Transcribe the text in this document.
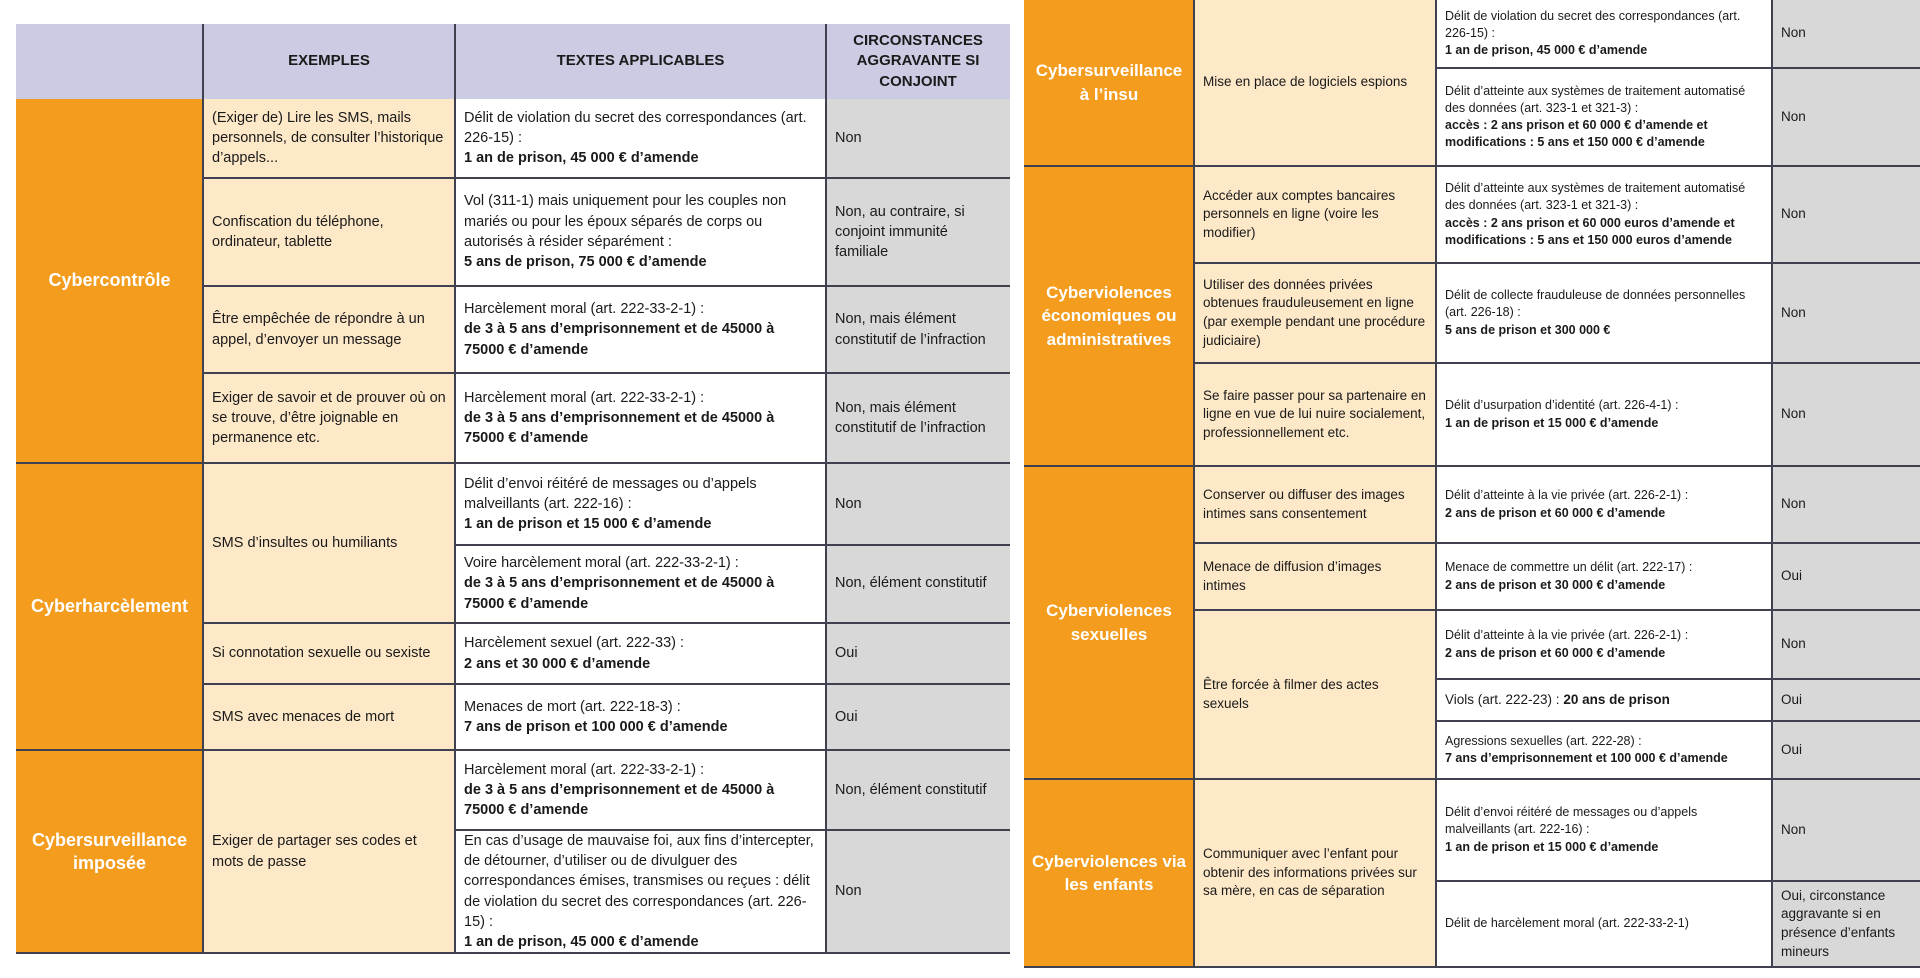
EXEMPLES	TEXTES APPLICABLES
CIRCONSTANCES AGGRAVANTE SI CONJOINT
Cybercontrôle
(Exiger de) Lire les SMS, mails personnels, de consulter l’historique d’appels...
Délit de violation du secret des correspondances (art. 226-15) :
1 an de prison, 45 000 € d’amende
Non
Confiscation du téléphone, ordinateur, tablette
Vol (311-1) mais uniquement pour les couples non mariés ou pour les époux séparés de corps ou autorisés à résider séparément :
5 ans de prison, 75 000 € d’amende
Non, au contraire, si conjoint immunité familiale
Être empêchée de répondre à un appel, d’envoyer un message
Harcèlement moral (art. 222-33-2-1) :
de 3 à 5 ans d’emprisonnement et de 45000 à 75000 € d’amende
Non, mais élément constitutif de l’infraction
Exiger de savoir et de prouver où on se trouve, d’être joignable en permanence etc.
Harcèlement moral (art. 222-33-2-1) :
de 3 à 5 ans d’emprisonnement et de 45000 à 75000 € d’amende
Non, mais élément constitutif de l’infraction
Cyberharcèlement
SMS d’insultes ou humiliants
Délit d’envoi réitéré de messages ou d’appels malveillants (art. 222-16) :
1 an de prison et 15 000 € d’amende
Non
Voire harcèlement moral (art. 222-33-2-1) :
de 3 à 5 ans d’emprisonnement et de 45000 à 75000 € d’amende
Non, élément constitutif
Si connotation sexuelle ou sexiste
Harcèlement sexuel (art. 222-33) :
2 ans et 30 000 € d’amende
Oui
SMS avec menaces de mort
Menaces de mort (art. 222-18-3) :
7 ans de prison et 100 000 € d’amende
Oui
Cybersurveillance imposée
Exiger de partager ses codes et mots de passe
Harcèlement moral (art. 222-33-2-1) :
de 3 à 5 ans d’emprisonnement et de 45000 à 75000 € d’amende
Non, élément constitutif
En cas d’usage de mauvaise foi, aux fins d’intercepter, de détourner, d’utiliser ou de divulguer des correspondances émises, transmises ou reçues : délit de violation du secret des correspondances (art. 226-15) :
1 an de prison, 45 000 € d’amende
Non
Cybersurveillance à l’insu
Mise en place de logiciels espions
Délit de violation du secret des correspondances (art. 226-15) :
1 an de prison, 45 000 € d’amende
Non
Délit d’atteinte aux systèmes de traitement automatisé des données (art. 323-1 et 321-3) :
accès : 2 ans prison et 60 000 € d’amende et modifications : 5 ans et 150 000 € d’amende
Non
Cyberviolences économiques ou administratives
Accéder aux comptes bancaires personnels en ligne (voire les modifier)
Délit d’atteinte aux systèmes de traitement automatisé des données (art. 323-1 et 321-3) :
accès : 2 ans prison et 60 000 euros d’amende et modifications : 5 ans et 150 000 euros d’amende
Non
Utiliser des données privées obtenues frauduleusement en ligne (par exemple pendant une procédure judiciaire)
Délit de collecte frauduleuse de données personnelles (art. 226-18) :
5 ans de prison et 300 000 €
Non
Se faire passer pour sa partenaire en ligne en vue de lui nuire socialement, professionnellement etc.
Délit d’usurpation d’identité (art. 226-4-1) :
1 an de prison et 15 000 € d’amende
Non
Cyberviolences sexuelles
Conserver ou diffuser des images intimes sans consentement
Délit d’atteinte à la vie privée (art. 226-2-1) :
2 ans de prison et 60 000 € d’amende
Non
Menace de diffusion d’images intimes
Menace de commettre un délit (art. 222-17) :
2 ans de prison et 30 000 € d’amende
Oui
Être forcée à filmer des actes sexuels
Délit d’atteinte à la vie privée (art. 226-2-1) :
2 ans de prison et 60 000 € d’amende
Non
Viols (art. 222-23) :
20 ans de prison	Oui
Agressions sexuelles (art. 222-28) :
7 ans d’emprisonnement et 100 000 € d’amende
Oui
Cyberviolences via les enfants
Communiquer avec l’enfant pour obtenir des informations privées sur sa mère, en cas de séparation
Délit d’envoi réitéré de messages ou d’appels malveillants (art. 222-16) :
1 an de prison et 15 000 € d’amende
Non
Délit de harcèlement moral (art. 222-33-2-1)
Oui, circonstance aggravante si en présence d’enfants mineurs
